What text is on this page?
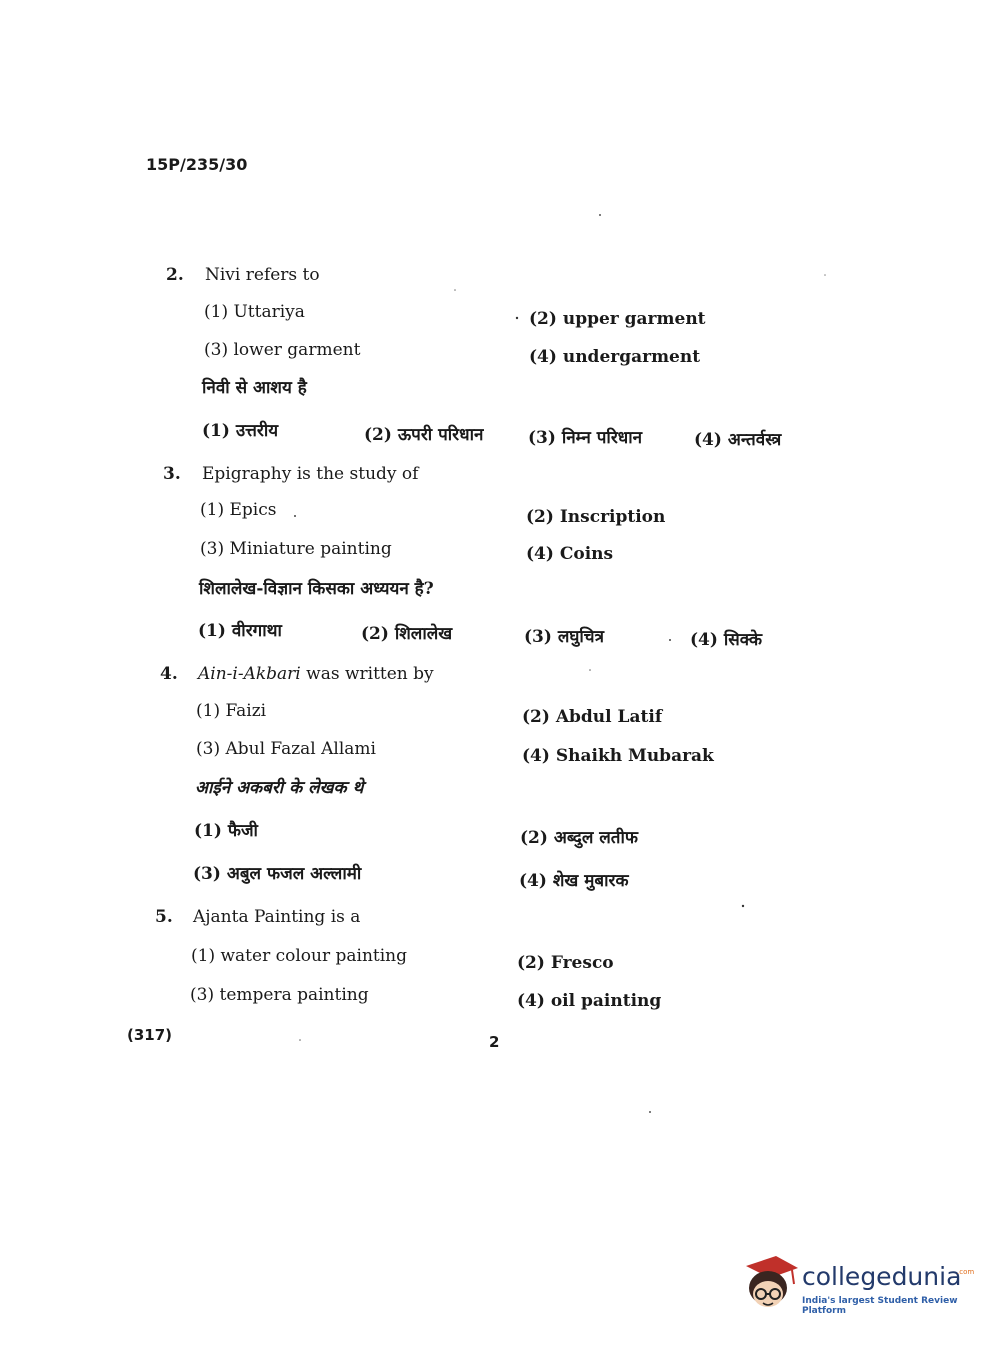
15P/235/30
2. Nivi refers to
(1) Uttariya	(2) upper garment
(3) lower garment	(4) undergarment
निवी से आशय है
(1) उत्तरीय	(2) ऊपरी परिधान	(3) निम्न परिधान	(4) अन्तर्वस्त्र
3. Epigraphy is the study of
(1) Epics	(2) Inscription
(3) Miniature painting	(4) Coins
शिलालेख-विज्ञान किसका अध्ययन है?
(1) वीरगाथा	(2) शिलालेख	(3) लघुचित्र	(4) सिक्के
4. Ain-i-Akbari was written by
(1) Faizi	(2) Abdul Latif
(3) Abul Fazal Allami	(4) Shaikh Mubarak
आईने अकबरी के लेखक थे
(1) फैजी	(2) अब्दुल लतीफ
(3) अबुल फजल अल्लामी	(4) शेख मुबारक
5. Ajanta Painting is a
(1) water colour painting	(2) Fresco
(3) tempera painting	(4) oil painting
(317)	2
collegedunia
.com
India's largest Student Review Platform
